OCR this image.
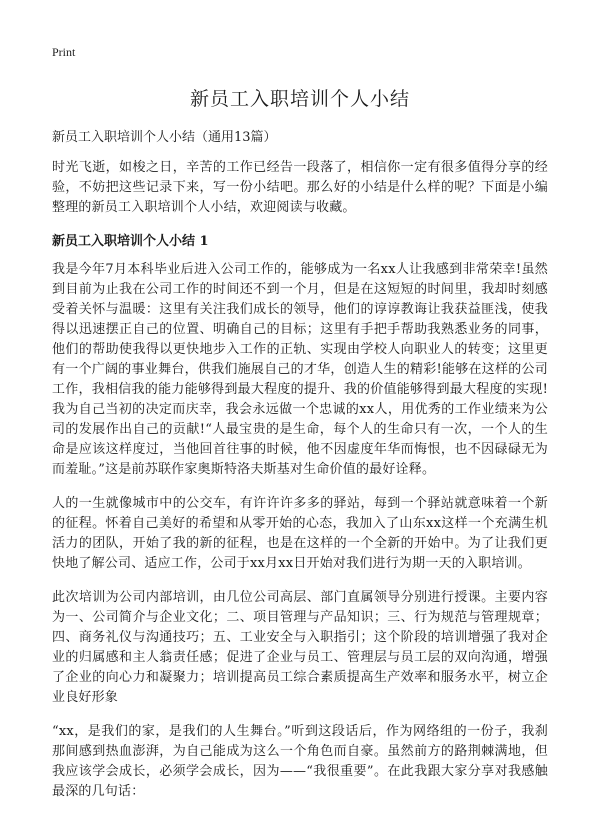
Print
新员工入职培训个人小结
新员工入职培训个人小结（通用13篇）

时光飞逝，如梭之日，辛苦的工作已经告一段落了，相信你一定有很多值得分享的经验，不妨把这些记录下来，写一份小结吧。那么好的小结是什么样的呢？下面是小编整理的新员工入职培训个人小结，欢迎阅读与收藏。

新员工入职培训个人小结 1

我是今年7月本科毕业后进入公司工作的，能够成为一名xx人让我感到非常荣幸!虽然到目前为止我在公司工作的时间还不到一个月，但是在这短短的时间里，我却时刻感受着关怀与温暖：这里有关注我们成长的领导，他们的谆谆教诲让我获益匪浅，使我得以迅速摆正自己的位置、明确自己的目标；这里有手把手帮助我熟悉业务的同事，他们的帮助使我得以更快地步入工作的正轨、实现由学校人向职业人的转变；这里更有一个广阔的事业舞台，供我们施展自己的才华，创造人生的精彩!能够在这样的公司工作，我相信我的能力能够得到最大程度的提升、我的价值能够得到最大程度的实现!我为自己当初的决定而庆幸，我会永远做一个忠诚的xx人，用优秀的工作业绩来为公司的发展作出自己的贡献!“人最宝贵的是生命，每个人的生命只有一次，一个人的生命是应该这样度过，当他回首往事的时候，他不因虚度年华而悔恨，也不因碌碌无为而羞耻。”这是前苏联作家奥斯特洛夫斯基对生命价值的最好诠释。

人的一生就像城市中的公交车，有许许许多多的驿站，每到一个驿站就意味着一个新的征程。怀着自己美好的希望和从零开始的心态，我加入了山东xx这样一个充满生机活力的团队，开始了我的新的征程，也是在这样的一个全新的开始中。为了让我们更快地了解公司、适应工作，公司于xx月xx日开始对我们进行为期一天的入职培训。

此次培训为公司内部培训，由几位公司高层、部门直属领导分别进行授课。主要内容为一、公司简介与企业文化；二、项目管理与产品知识；三、行为规范与管理规章；四、商务礼仪与沟通技巧；五、工业安全与入职指引；这个阶段的培训增强了我对企业的归属感和主人翁责任感；促进了企业与员工、管理层与员工层的双向沟通，增强了企业的向心力和凝聚力；培训提高员工综合素质提高生产效率和服务水平，树立企业良好形象

“xx，是我们的家，是我们的人生舞台。”听到这段话后，作为网络组的一份子，我刹那间感到热血澎湃，为自己能成为这么一个角色而自豪。虽然前方的路荆棘满地，但我应该学会成长，必须学会成长，因为——“我很重要”。在此我跟大家分享对我感触最深的几句话：
